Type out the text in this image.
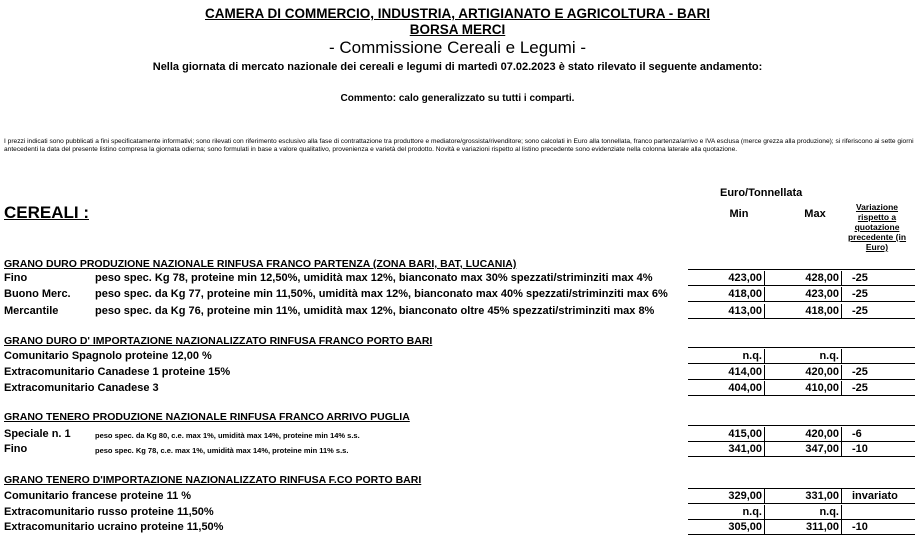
CAMERA DI COMMERCIO, INDUSTRIA, ARTIGIANATO E AGRICOLTURA - BARI
BORSA MERCI
- Commissione Cereali e Legumi -
Nella giornata di mercato nazionale dei cereali e legumi di martedì 07.02.2023 è stato rilevato il seguente andamento:
Commento: calo generalizzato su tutti i comparti.
I prezzi indicati sono pubblicati a fini specificatamente informativi; sono rilevati con riferimento esclusivo alla fase di contrattazione tra produttore e mediatore/grossista/rivenditore; sono calcolati in Euro alla tonnellata, franco partenza/arrivo e IVA esclusa (merce grezza alla produzione); si riferiscono ai sette giorni antecedenti la data del presente listino compresa la giornata odierna; sono formulati in base a valore qualitativo, provenienza e varietà del prodotto. Novità e variazioni rispetto al listino precedente sono evidenziate nella colonna laterale alla quotazione.
CEREALI :
Euro/Tonnellata
Min	Max
Variazione rispetto a quotazione precedente (in Euro)
GRANO DURO PRODUZIONE NAZIONALE RINFUSA FRANCO PARTENZA (ZONA BARI, BAT, LUCANIA)
Fino	peso spec. Kg 78, proteine min 12,50%, umidità max 12%, bianconato max 30% spezzati/striminziti max 4%	423,00	428,00	-25
Buono Merc. peso spec. da Kg 77, proteine min 11,50%, umidità max 12%, bianconato max 40% spezzati/striminziti max 6%	418,00	423,00	-25
Mercantile	peso spec. da Kg 76, proteine min 11%, umidità max 12%, bianconato oltre 45% spezzati/striminziti max 8%	413,00	418,00	-25
GRANO DURO D' IMPORTAZIONE NAZIONALIZZATO RINFUSA FRANCO PORTO BARI
Comunitario Spagnolo proteine 12,00 %	n.q.	n.q.
Extracomunitario Canadese 1 proteine 15%	414,00	420,00	-25
Extracomunitario Canadese 3	404,00	410,00	-25
GRANO TENERO PRODUZIONE NAZIONALE RINFUSA FRANCO ARRIVO PUGLIA
Speciale n. 1	peso spec. da Kg 80, c.e. max 1%, umidità max 14%, proteine min 14% s.s.	415,00	420,00	-6
Fino	peso spec. Kg 78, c.e. max 1%, umidità max 14%, proteine min 11% s.s.	341,00	347,00	-10
GRANO TENERO D'IMPORTAZIONE NAZIONALIZZATO RINFUSA F.CO PORTO BARI
Comunitario francese proteine 11 %	329,00	331,00	invariato
Extracomunitario russo proteine 11,50%	n.q.	n.q.
Extracomunitario ucraino proteine 11,50%	305,00	311,00	-10
